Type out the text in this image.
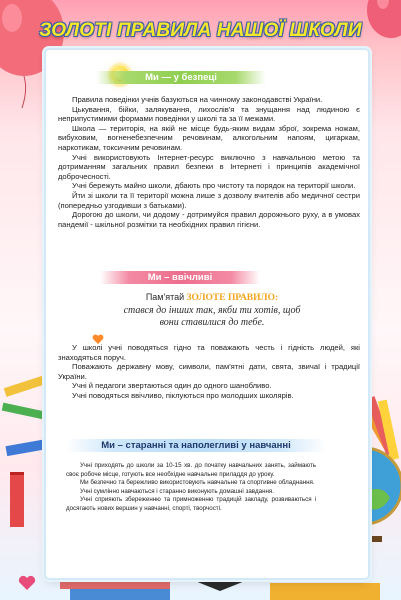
ЗОЛОТІ ПРАВИЛА НАШОЇ ШКОЛИ
Ми — у безпеці

Правила поведінки учнів базуються на чинному законодавстві України.

Цькування, бійки, залякування, лихослів'я та знущання над людиною є неприпустимими формами поведінки у школі та за її межами.

Школа — територія, на якій не місце будь-яким видам зброї, зокрема ножам, вибуховим, вогненебезпечним речовинам, алкогольним напоям, цигаркам, наркотикам, токсичним речовинам.

Учні використовують Інтернет-ресурс виключно з навчальною метою та дотриманням загальних правил безпеки в Інтернеті і принципів академічної доброчесності.

Учні бережуть майно школи, дбають про чистоту та порядок на території школи.

Йти зі школи та її території можна лише з дозволу вчителів або медичної сестри (попередньо узгодивши з батьками).

Дорогою до школи, чи додому - дотримуйся правил дорожнього руху, а в умовах пандемії - шкільної розмітки та необхідних правил гігієни.

Ми – ввічливі
Пам'ятай ЗОЛОТЕ ПРАВИЛО:
стався до інших так, якби ти хотів, щоб
вони ставилися до тебе.

У школі учні поводяться гідно та поважають честь і гідність людей, які знаходяться поруч.

Поважають державну мову, символи, пам'ятні дати, свята, звичаї і традиції України.

Учні й педагоги звертаються один до одного шанобливо.

Учні поводяться ввічливо, піклуються про молодших школярів.

Ми – старанні та наполегливі у навчанні

Учні приходять до школи за 10-15 хв. до початку навчальних занять, займають своє робоче місце, готують все необхідне навчальне приладдя до уроку.

Ми безпечно та бережливо використовують навчальне та спортивне обладнання.

Учні сумлінно навчаються і старанно виконують домашні завдання.

Учні сприяють збереженню та примноженню традицій закладу, розвиваються і досягають нових вершин у навчанні, спорті, творчості.
